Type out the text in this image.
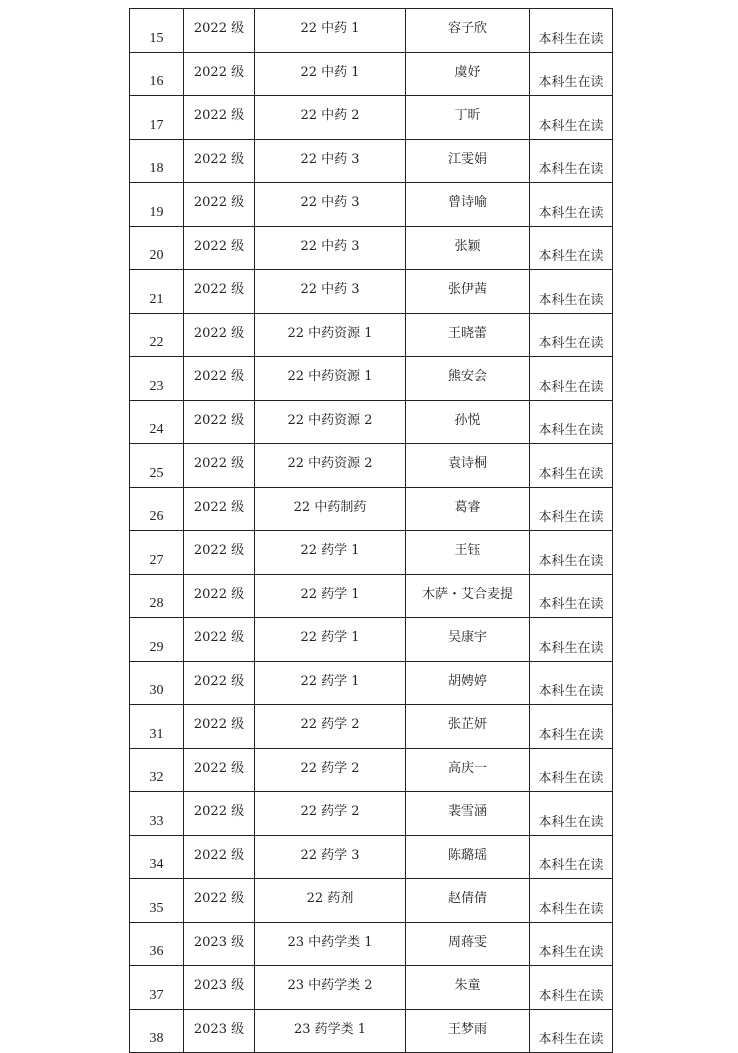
15	2022 级	22 中药 1	容子欣	本科生在读
16	2022 级	22 中药 1	虞妤	本科生在读
17	2022 级	22 中药 2	丁昕	本科生在读
18	2022 级	22 中药 3	江雯娟	本科生在读
19	2022 级	22 中药 3	曾诗喻	本科生在读
20	2022 级	22 中药 3	张颖	本科生在读
21	2022 级	22 中药 3	张伊茜	本科生在读
22	2022 级	22 中药资源 1	王晓蕾	本科生在读
23	2022 级	22 中药资源 1	熊安会	本科生在读
24	2022 级	22 中药资源 2	孙悦	本科生在读
25	2022 级	22 中药资源 2	袁诗桐	本科生在读
26	2022 级	22 中药制药	葛睿	本科生在读
27	2022 级	22 药学 1	王钰	本科生在读
28	2022 级	22 药学 1	木萨・艾合麦提	本科生在读
29	2022 级	22 药学 1	吴康宇	本科生在读
30	2022 级	22 药学 1	胡娉婷	本科生在读
31	2022 级	22 药学 2	张芷妍	本科生在读
32	2022 级	22 药学 2	高庆一	本科生在读
33	2022 级	22 药学 2	裴雪涵	本科生在读
34	2022 级	22 药学 3	陈璐瑶	本科生在读
35	2022 级	22 药剂	赵倩倩	本科生在读
36	2023 级	23 中药学类 1	周蒋雯	本科生在读
37	2023 级	23 中药学类 2	朱童	本科生在读
38	2023 级	23 药学类 1	王梦雨	本科生在读
